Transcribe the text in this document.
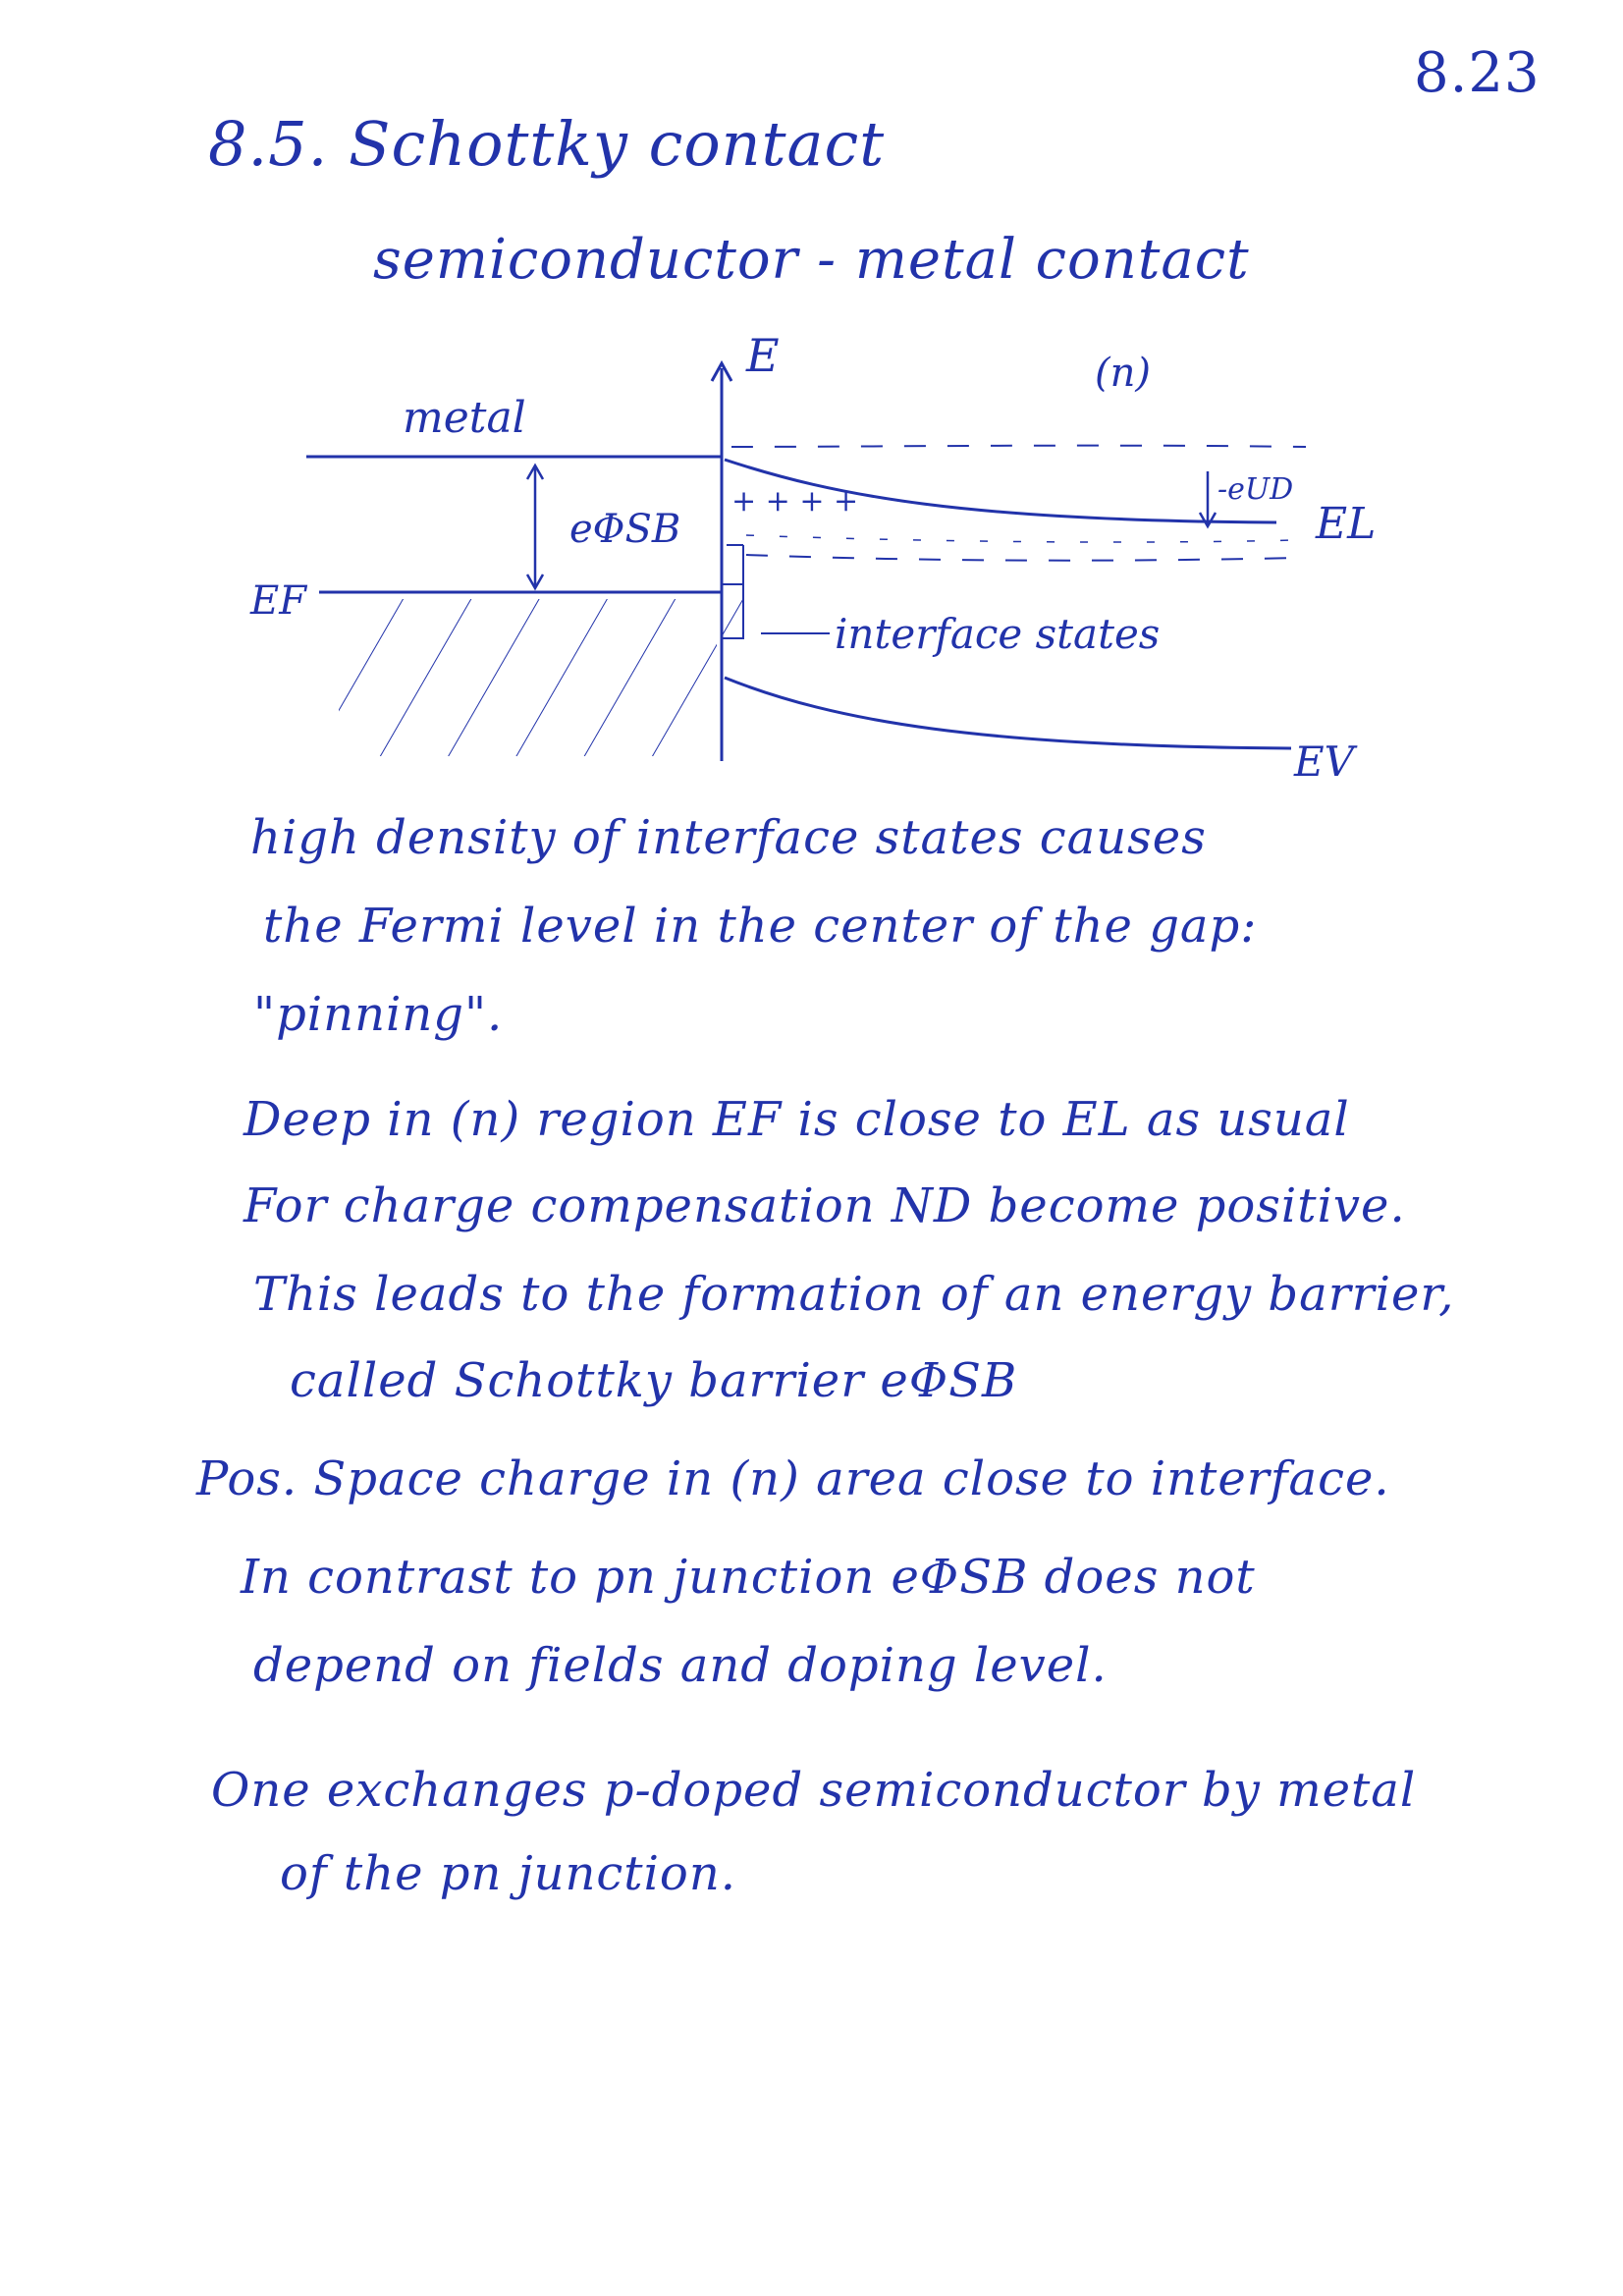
8.23
8.5. Schottky contact
semiconductor - metal contact
E	(n)
metal
eΦSB
EF
+ + + +	-eUD
EL
interface states
EV
high density of interface states causes
the Fermi level in the center of the gap:
"pinning".
Deep in (n) region EF is close to EL as usual
For charge compensation ND become positive.
This leads to the formation of an energy barrier,
called Schottky barrier eΦSB
Pos. Space charge in (n) area close to interface.
In contrast to pn junction eΦSB does not
depend on fields and doping level.
One exchanges p-doped semiconductor by metal
of the pn junction.
